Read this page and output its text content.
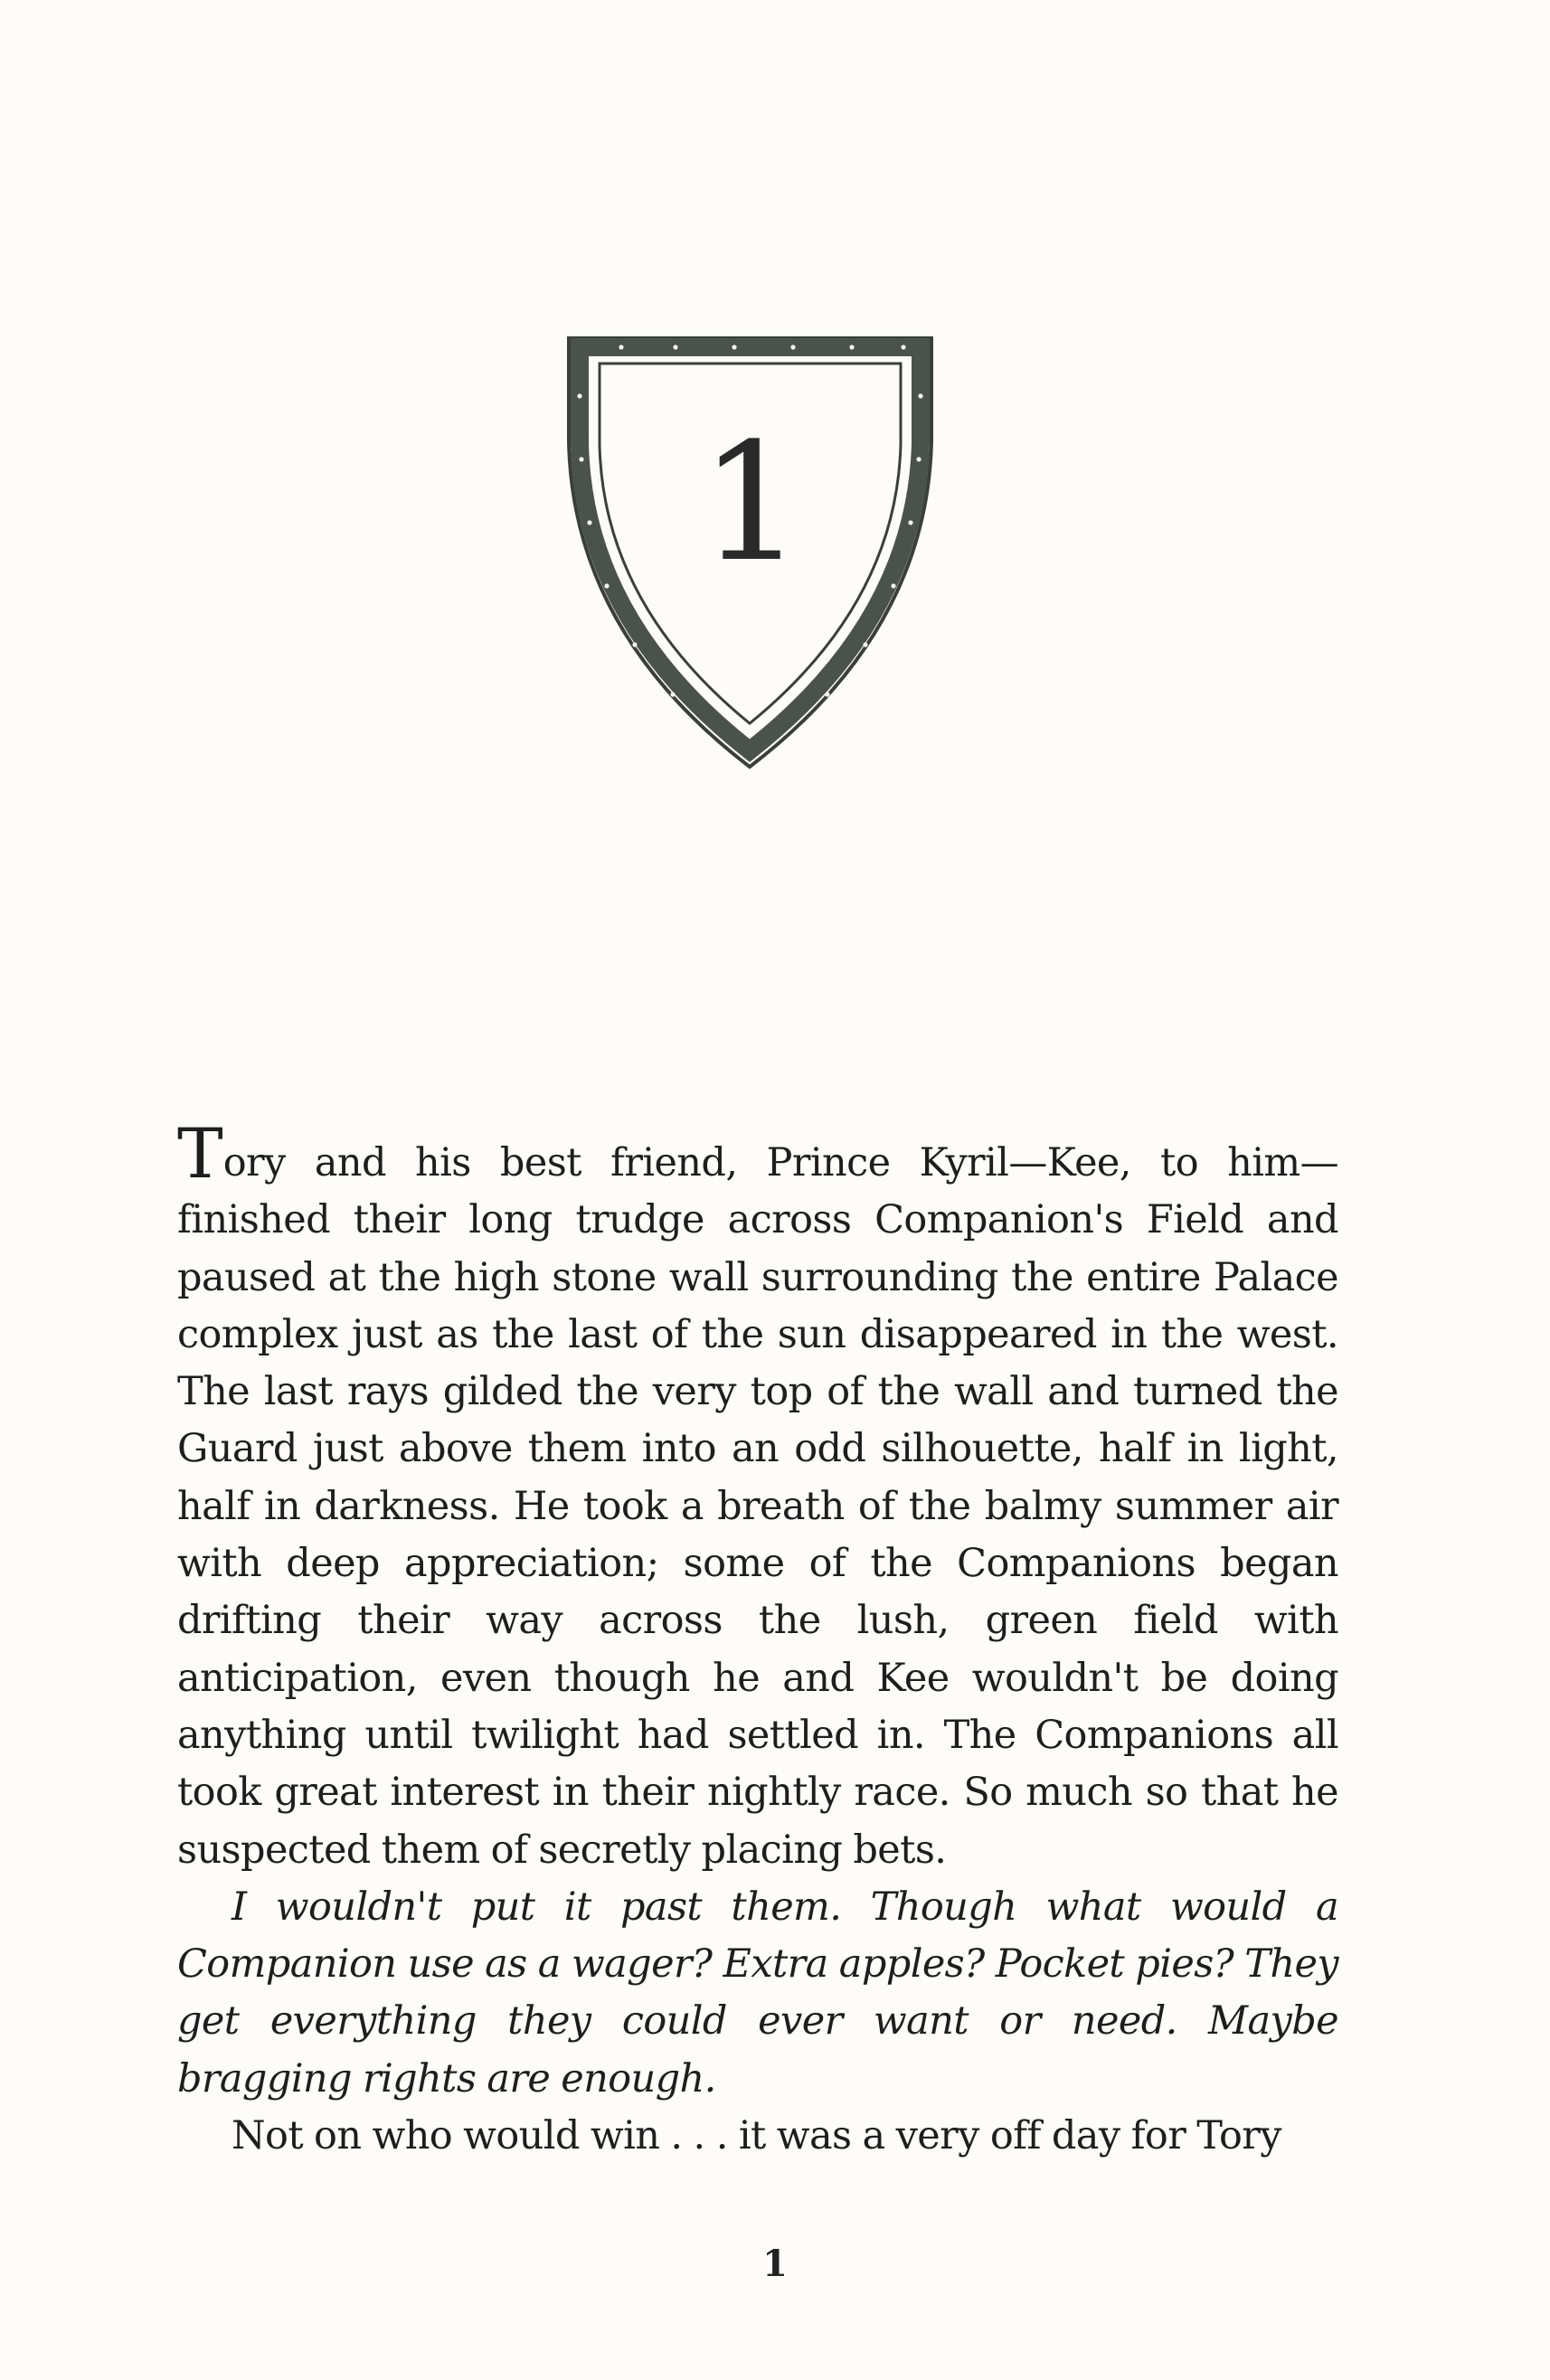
1

Tory and his best friend, Prince Kyril—Kee, to him—finished their long trudge across Companion's Field and paused at the high stone wall surrounding the entire Palace complex just as the last of the sun disappeared in the west. The last rays gilded the very top of the wall and turned the Guard just above them into an odd silhouette, half in light, half in darkness. He took a breath of the balmy summer air with deep appreciation; some of the Companions began drifting their way across the lush, green field with anticipation, even though he and Kee wouldn't be doing anything until twilight had settled in. The Companions all took great interest in their nightly race. So much so that he suspected them of secretly placing bets.

I wouldn't put it past them. Though what would a Companion use as a wager? Extra apples? Pocket pies? They get everything they could ever want or need. Maybe bragging rights are enough.

Not on who would win . . . it was a very off day for Tory

1
